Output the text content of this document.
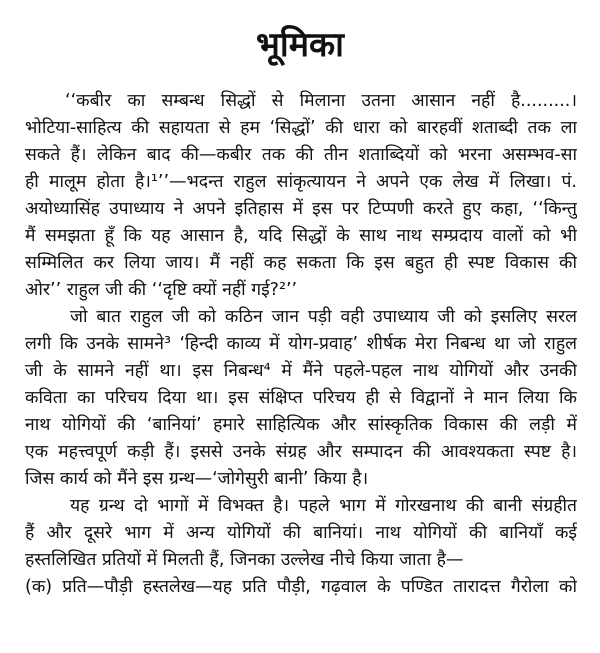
भूमिका
‘‘कबीर का सम्बन्ध सिद्धों से मिलाना उतना आसान नहीं है.........।
भोटिया-साहित्य की सहायता से हम ‘सिद्धों’ की धारा को बारहवीं शताब्दी तक ला
सकते हैं। लेकिन बाद की—कबीर तक की तीन शताब्दियों को भरना असम्भव-सा
ही मालूम होता है।¹’’—भदन्त राहुल सांकृत्यायन ने अपने एक लेख में लिखा। पं.
अयोध्यासिंह उपाध्याय ने अपने इतिहास में इस पर टिप्पणी करते हुए कहा, ‘‘किन्तु
मैं समझता हूँ कि यह आसान है, यदि सिद्धों के साथ नाथ सम्प्रदाय वालों को भी
सम्मिलित कर लिया जाय। मैं नहीं कह सकता कि इस बहुत ही स्पष्ट विकास की
ओर’’ राहुल जी की ‘‘दृष्टि क्यों नहीं गई?²’’
जो बात राहुल जी को कठिन जान पड़ी वही उपाध्याय जी को इसलिए सरल
लगी कि उनके सामने³ ‘हिन्दी काव्य में योग-प्रवाह’ शीर्षक मेरा निबन्ध था जो राहुल
जी के सामने नहीं था। इस निबन्ध⁴ में मैंने पहले-पहल नाथ योगियों और उनकी
कविता का परिचय दिया था। इस संक्षिप्त परिचय ही से विद्वानों ने मान लिया कि
नाथ योगियों की ‘बानियां’ हमारे साहित्यिक और सांस्कृतिक विकास की लड़ी में
एक महत्त्वपूर्ण कड़ी हैं। इससे उनके संग्रह और सम्पादन की आवश्यकता स्पष्ट है।
जिस कार्य को मैंने इस ग्रन्थ—‘जोगेसुरी बानी’ किया है।
यह ग्रन्थ दो भागों में विभक्त है। पहले भाग में गोरखनाथ की बानी संग्रहीत
हैं और दूसरे भाग में अन्य योगियों की बानियां। नाथ योगियों की बानियाँ कई
हस्तलिखित प्रतियों में मिलती हैं, जिनका उल्लेख नीचे किया जाता है—
(क) प्रति—पौड़ी हस्तलेख—यह प्रति पौड़ी, गढ़वाल के पण्डित तारादत्त गैरोला को
